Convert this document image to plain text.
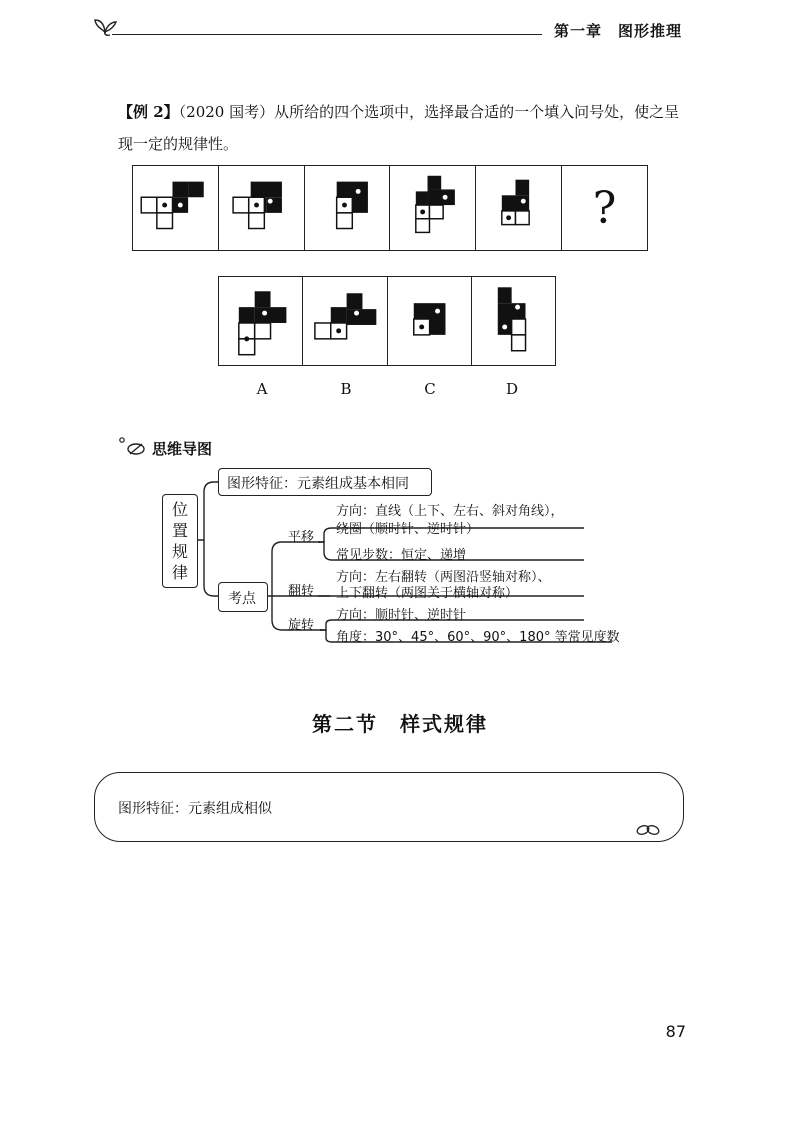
第一章　图形推理
【例 2】（2020 国考）从所给的四个选项中，选择最合适的一个填入问号处，使之呈现一定的规律性。
?
A	B	C	D
思维导图
位
置
规
律
图形特征：元素组成基本相同
考点
平移
方向：直线（上下、左右、斜对角线），
绕圈（顺时针、逆时针）
常见步数：恒定、递增
翻转
方向：左右翻转（两图沿竖轴对称）、
上下翻转（两图关于横轴对称）
旋转
方向：顺时针、逆时针
角度：30°、45°、60°、90°、180° 等常见度数
第二节　样式规律
图形特征：元素组成相似
87
